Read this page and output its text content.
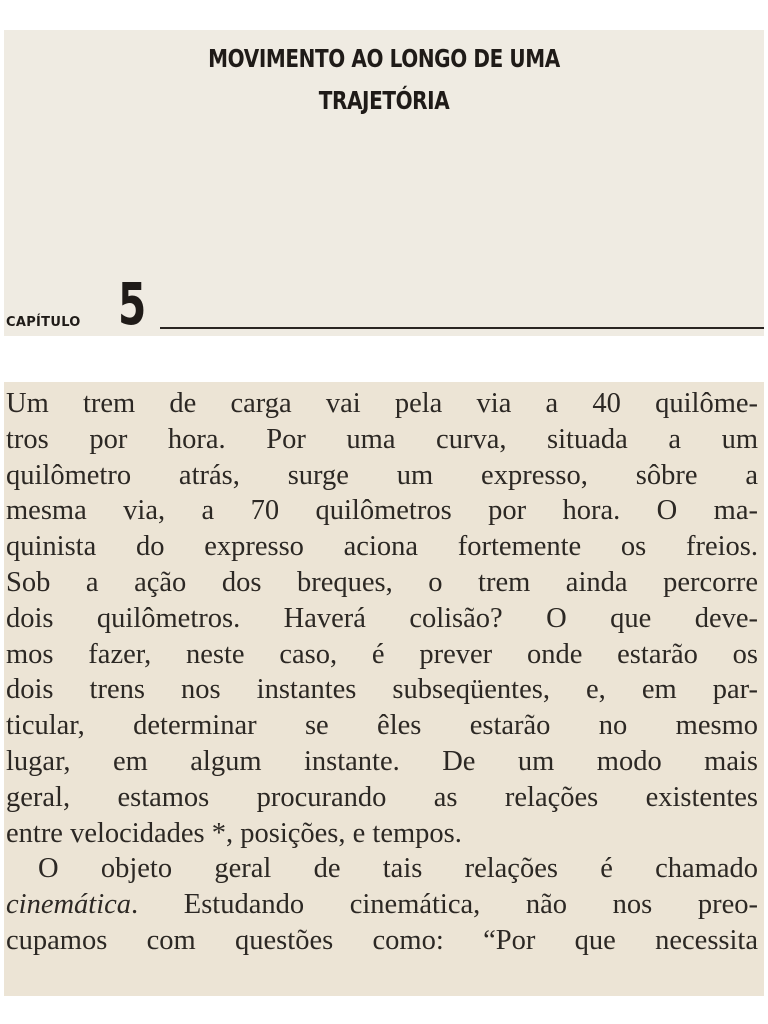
MOVIMENTO AO LONGO DE UMA
TRAJETÓRIA
CAPÍTULO 5
Um trem de carga vai pela via a 40 quilôme-
tros por hora. Por uma curva, situada a um
quilômetro atrás, surge um expresso, sôbre a
mesma via, a 70 quilômetros por hora. O ma-
quinista do expresso aciona fortemente os freios.
Sob a ação dos breques, o trem ainda percorre
dois quilômetros. Haverá colisão? O que deve-
mos fazer, neste caso, é prever onde estarão os
dois trens nos instantes subseqüentes, e, em par-
ticular, determinar se êles estarão no mesmo
lugar, em algum instante. De um modo mais
geral, estamos procurando as relações existentes
entre velocidades *, posições, e tempos.
O objeto geral de tais relações é chamado
cinemática. Estudando cinemática, não nos preo-
cupamos com questões como: “Por que necessita
